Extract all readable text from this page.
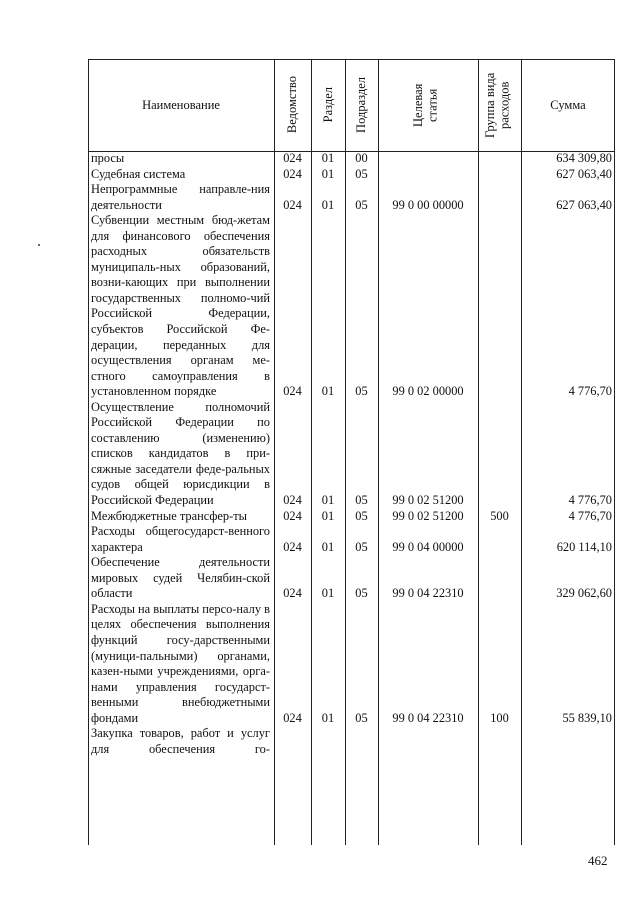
Наименование	Ведомство Раздел Подраздел	Целевая статья	Группа вида расходов	Сумма
просы	024	01	00	634 309,80
Судебная система	024	01	05	627 063,40
Непрограммные направле-ния деятельности	024	01	05	99 0 00 00000	627 063,40
Субвенции местным бюд-жетам для финансового обеспечения расходных обязательств муниципаль-ных образований, возни-кающих при выполнении государственных полномо-чий Российской Федерации, субъектов Российской Фе-дерации, переданных для осуществления органам ме-стного самоуправления в установленном порядке	024	01	05	99 0 02 00000	4 776,70
Осуществление полномочий Российской Федерации по составлению (изменению) списков кандидатов в при-сяжные заседатели феде-ральных судов общей юрисдикции в Российской Федерации	024	01	05	99 0 02 51200	4 776,70
Межбюджетные трансфер-ты	024	01	05	99 0 02 51200	500	4 776,70
Расходы общегосударст-венного характера	024	01	05	99 0 04 00000	620 114,10
Обеспечение деятельности мировых судей Челябин-ской области	024	01	05	99 0 04 22310	329 062,60
Расходы на выплаты персо-налу в целях обеспечения выполнения функций госу-дарственными (муници-пальными) органами, казен-ными учреждениями, орга-нами управления государст-венными внебюджетными фондами	024	01	05	99 0 04 22310	100	55 839,10
Закупка товаров, работ и услуг для обеспечения го-
462
